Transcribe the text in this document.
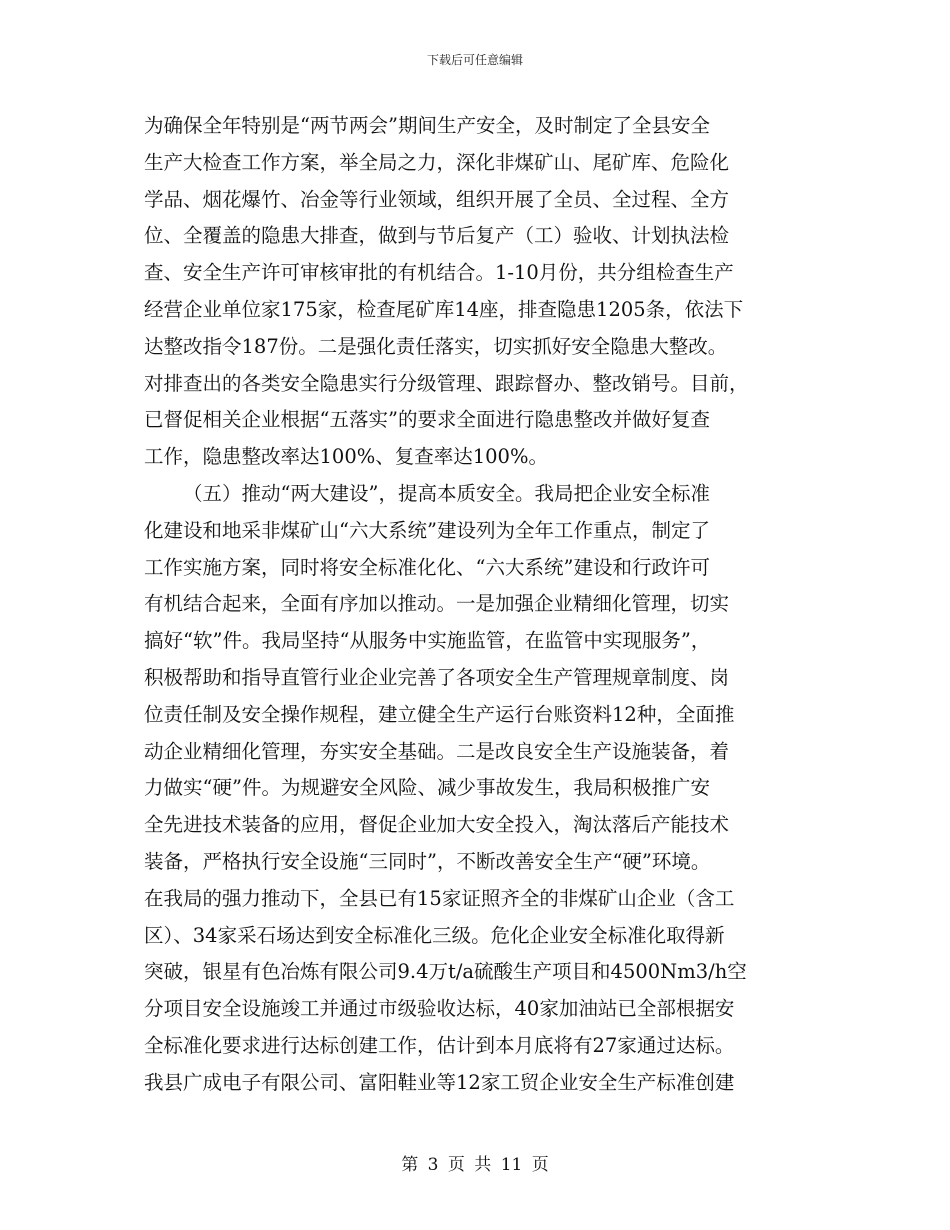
下载后可任意编辑
为确保全年特别是“两节两会”期间生产安全，及时制定了全县安全
生产大检查工作方案，举全局之力，深化非煤矿山、尾矿库、危险化
学品、烟花爆竹、冶金等行业领域，组织开展了全员、全过程、全方
位、全覆盖的隐患大排查，做到与节后复产（工）验收、计划执法检
查、安全生产许可审核审批的有机结合。1-10月份，共分组检查生产
经营企业单位家175家，检查尾矿库14座，排查隐患1205条，依法下
达整改指令187份。二是强化责任落实，切实抓好安全隐患大整改。
对排查出的各类安全隐患实行分级管理、跟踪督办、整改销号。目前，
已督促相关企业根据“五落实”的要求全面进行隐患整改并做好复查
工作，隐患整改率达100%、复查率达100%。
（五）推动“两大建设”，提高本质安全。我局把企业安全标准
化建设和地采非煤矿山“六大系统”建设列为全年工作重点，制定了
工作实施方案，同时将安全标准化化、“六大系统”建设和行政许可
有机结合起来，全面有序加以推动。一是加强企业精细化管理，切实
搞好“软”件。我局坚持“从服务中实施监管，在监管中实现服务”，
积极帮助和指导直管行业企业完善了各项安全生产管理规章制度、岗
位责任制及安全操作规程，建立健全生产运行台账资料12种，全面推
动企业精细化管理，夯实安全基础。二是改良安全生产设施装备，着
力做实“硬”件。为规避安全风险、减少事故发生，我局积极推广安
全先进技术装备的应用，督促企业加大安全投入，淘汰落后产能技术
装备，严格执行安全设施“三同时”，不断改善安全生产“硬”环境。
在我局的强力推动下，全县已有15家证照齐全的非煤矿山企业（含工
区）、34家采石场达到安全标准化三级。危化企业安全标准化取得新
突破，银星有色冶炼有限公司9.4万t/a硫酸生产项目和4500Nm3/h空
分项目安全设施竣工并通过市级验收达标，40家加油站已全部根据安
全标准化要求进行达标创建工作，估计到本月底将有27家通过达标。
我县广成电子有限公司、富阳鞋业等12家工贸企业安全生产标准创建
第 3 页 共 11 页
